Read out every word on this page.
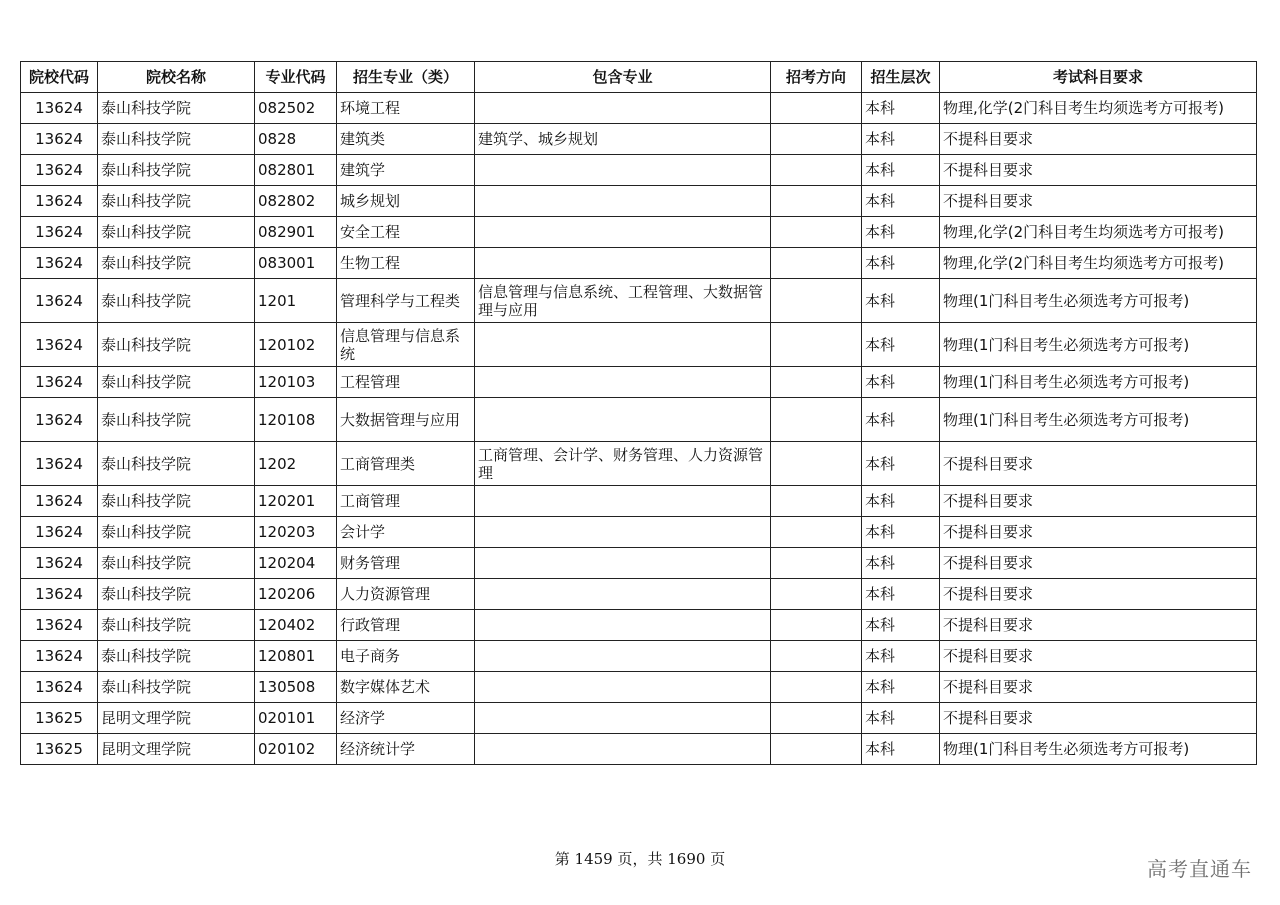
院校代码	院校名称	专业代码	招生专业（类）	包含专业	招考方向	招生层次	考试科目要求
13624	泰山科技学院	082502	环境工程			本科	物理,化学(2门科目考生均须选考方可报考)
13624	泰山科技学院	0828	建筑类	建筑学、城乡规划		本科	不提科目要求
13624	泰山科技学院	082801	建筑学			本科	不提科目要求
13624	泰山科技学院	082802	城乡规划			本科	不提科目要求
13624	泰山科技学院	082901	安全工程			本科	物理,化学(2门科目考生均须选考方可报考)
13624	泰山科技学院	083001	生物工程			本科	物理,化学(2门科目考生均须选考方可报考)
13624	泰山科技学院	1201	管理科学与工程类	信息管理与信息系统、工程管理、大数据管理与应用		本科	物理(1门科目考生必须选考方可报考)
13624	泰山科技学院	120102	信息管理与信息系统			本科	物理(1门科目考生必须选考方可报考)
13624	泰山科技学院	120103	工程管理			本科	物理(1门科目考生必须选考方可报考)
13624	泰山科技学院	120108	大数据管理与应用			本科	物理(1门科目考生必须选考方可报考)
13624	泰山科技学院	1202	工商管理类	工商管理、会计学、财务管理、人力资源管理		本科	不提科目要求
13624	泰山科技学院	120201	工商管理			本科	不提科目要求
13624	泰山科技学院	120203	会计学			本科	不提科目要求
13624	泰山科技学院	120204	财务管理			本科	不提科目要求
13624	泰山科技学院	120206	人力资源管理			本科	不提科目要求
13624	泰山科技学院	120402	行政管理			本科	不提科目要求
13624	泰山科技学院	120801	电子商务			本科	不提科目要求
13624	泰山科技学院	130508	数字媒体艺术			本科	不提科目要求
13625	昆明文理学院	020101	经济学			本科	不提科目要求
13625	昆明文理学院	020102	经济统计学			本科	物理(1门科目考生必须选考方可报考)
第 1459 页，共 1690 页	高考直通车
